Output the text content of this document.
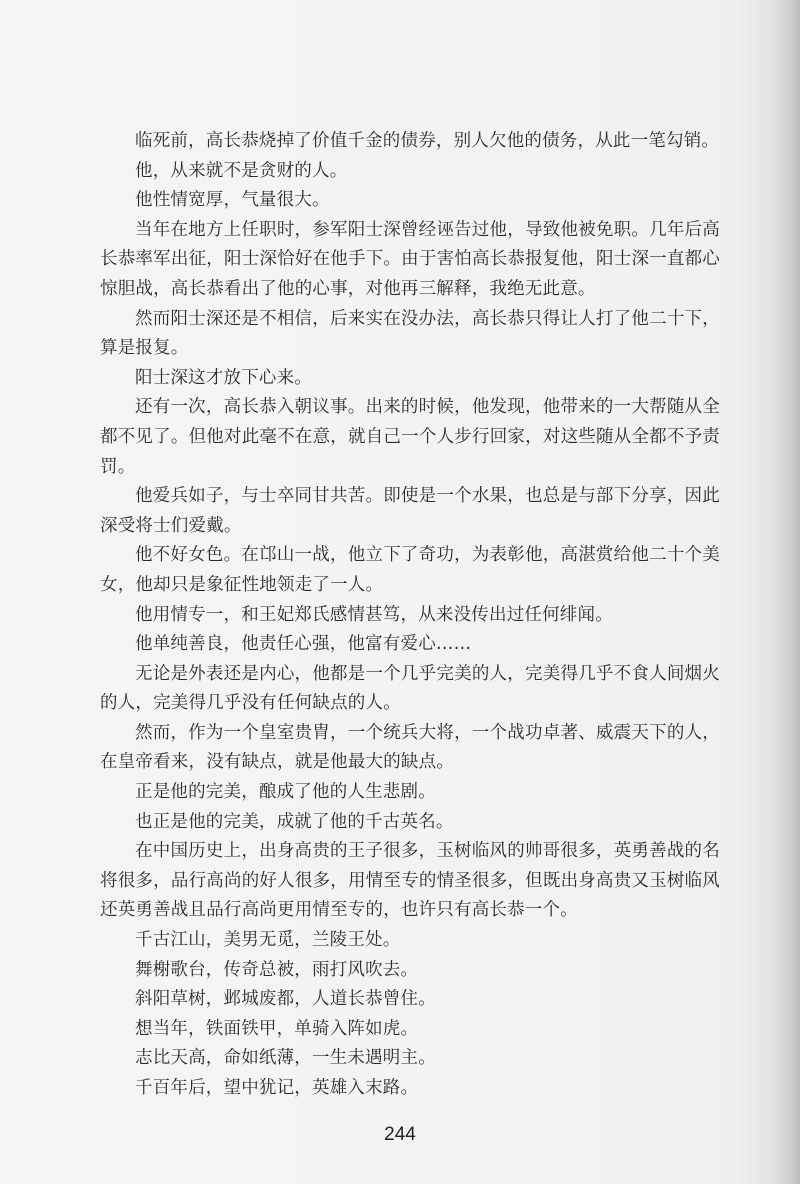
临死前，高长恭烧掉了价值千金的债券，别人欠他的债务，从此一笔勾销。

他，从来就不是贪财的人。

他性情宽厚，气量很大。

当年在地方上任职时，参军阳士深曾经诬告过他，导致他被免职。几年后高长恭率军出征，阳士深恰好在他手下。由于害怕高长恭报复他，阳士深一直都心惊胆战，高长恭看出了他的心事，对他再三解释，我绝无此意。

然而阳士深还是不相信，后来实在没办法，高长恭只得让人打了他二十下，算是报复。

阳士深这才放下心来。

还有一次，高长恭入朝议事。出来的时候，他发现，他带来的一大帮随从全都不见了。但他对此毫不在意，就自己一个人步行回家，对这些随从全都不予责罚。

他爱兵如子，与士卒同甘共苦。即使是一个水果，也总是与部下分享，因此深受将士们爱戴。

他不好女色。在邙山一战，他立下了奇功，为表彰他，高湛赏给他二十个美女，他却只是象征性地领走了一人。

他用情专一，和王妃郑氏感情甚笃，从来没传出过任何绯闻。

他单纯善良，他责任心强，他富有爱心……

无论是外表还是内心，他都是一个几乎完美的人，完美得几乎不食人间烟火的人，完美得几乎没有任何缺点的人。

然而，作为一个皇室贵胄，一个统兵大将，一个战功卓著、威震天下的人，在皇帝看来，没有缺点，就是他最大的缺点。

正是他的完美，酿成了他的人生悲剧。

也正是他的完美，成就了他的千古英名。

在中国历史上，出身高贵的王子很多，玉树临风的帅哥很多，英勇善战的名将很多，品行高尚的好人很多，用情至专的情圣很多，但既出身高贵又玉树临风还英勇善战且品行高尚更用情至专的，也许只有高长恭一个。

千古江山，美男无觅，兰陵王处。

舞榭歌台，传奇总被，雨打风吹去。

斜阳草树，邺城废都，人道长恭曾住。

想当年，铁面铁甲，单骑入阵如虎。

志比天高，命如纸薄，一生未遇明主。

千百年后，望中犹记，英雄入末路。

244
